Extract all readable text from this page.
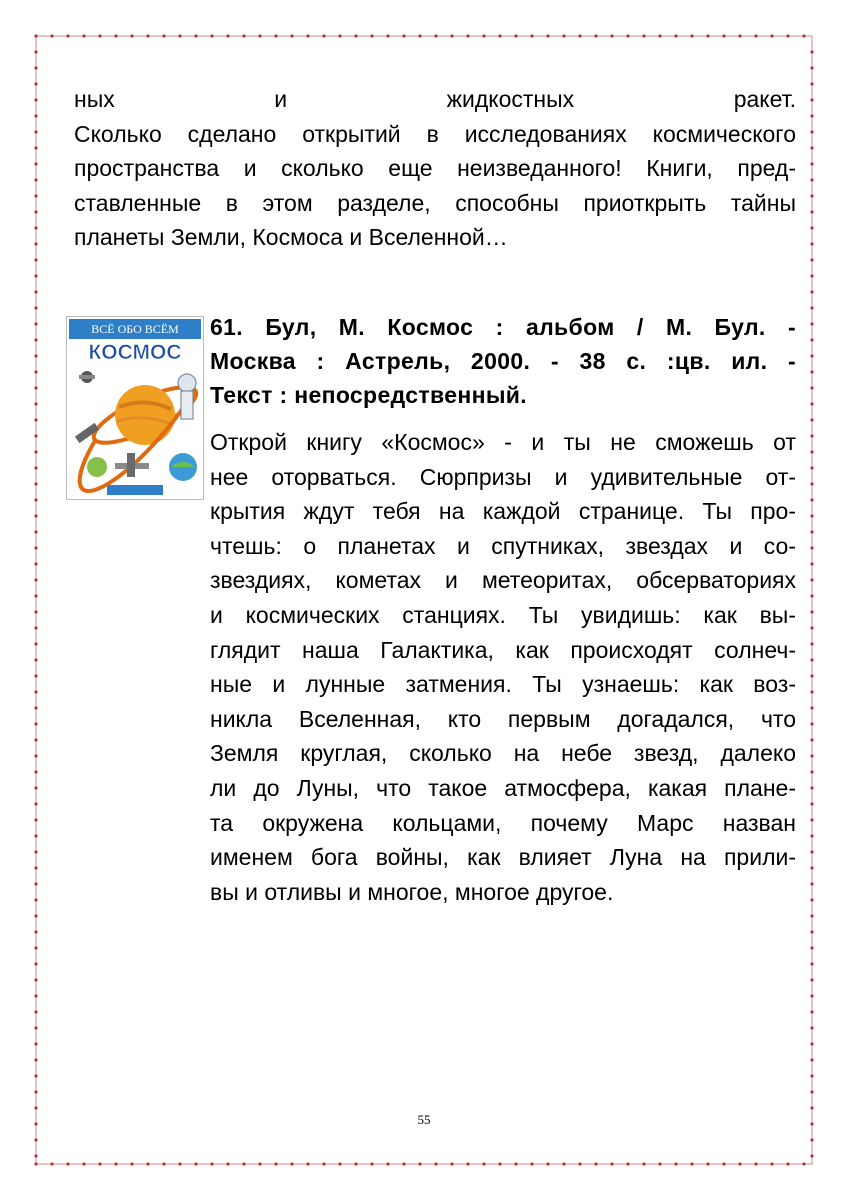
ных	и	жидкостных	ракет.
Сколько сделано открытий в исследованиях космического
пространства и сколько еще неизведанного! Книги, пред-
ставленные в этом разделе, способны приоткрыть тайны
планеты Земли, Космоса и Вселенной…
ВСЁ ОБО ВСЁМ
КОСМОС
61. Бул, М. Космос : альбом / М. Бул. -
Москва : Астрель, 2000. - 38 с. :цв. ил. -
Текст : непосредственный.
Открой книгу «Космос» - и ты не сможешь от
нее оторваться. Сюрпризы и удивительные от-
крытия ждут тебя на каждой странице. Ты про-
чтешь: о планетах и спутниках, звездах и со-
звездиях, кометах и метеоритах, обсерваториях
и космических станциях. Ты увидишь: как вы-
глядит наша Галактика, как происходят солнеч-
ные и лунные затмения. Ты узнаешь: как воз-
никла Вселенная, кто первым догадался, что
Земля круглая, сколько на небе звезд, далеко
ли до Луны, что такое атмосфера, какая плане-
та окружена кольцами, почему Марс назван
именем бога войны, как влияет Луна на прили-
вы и отливы и многое, многое другое.
55
